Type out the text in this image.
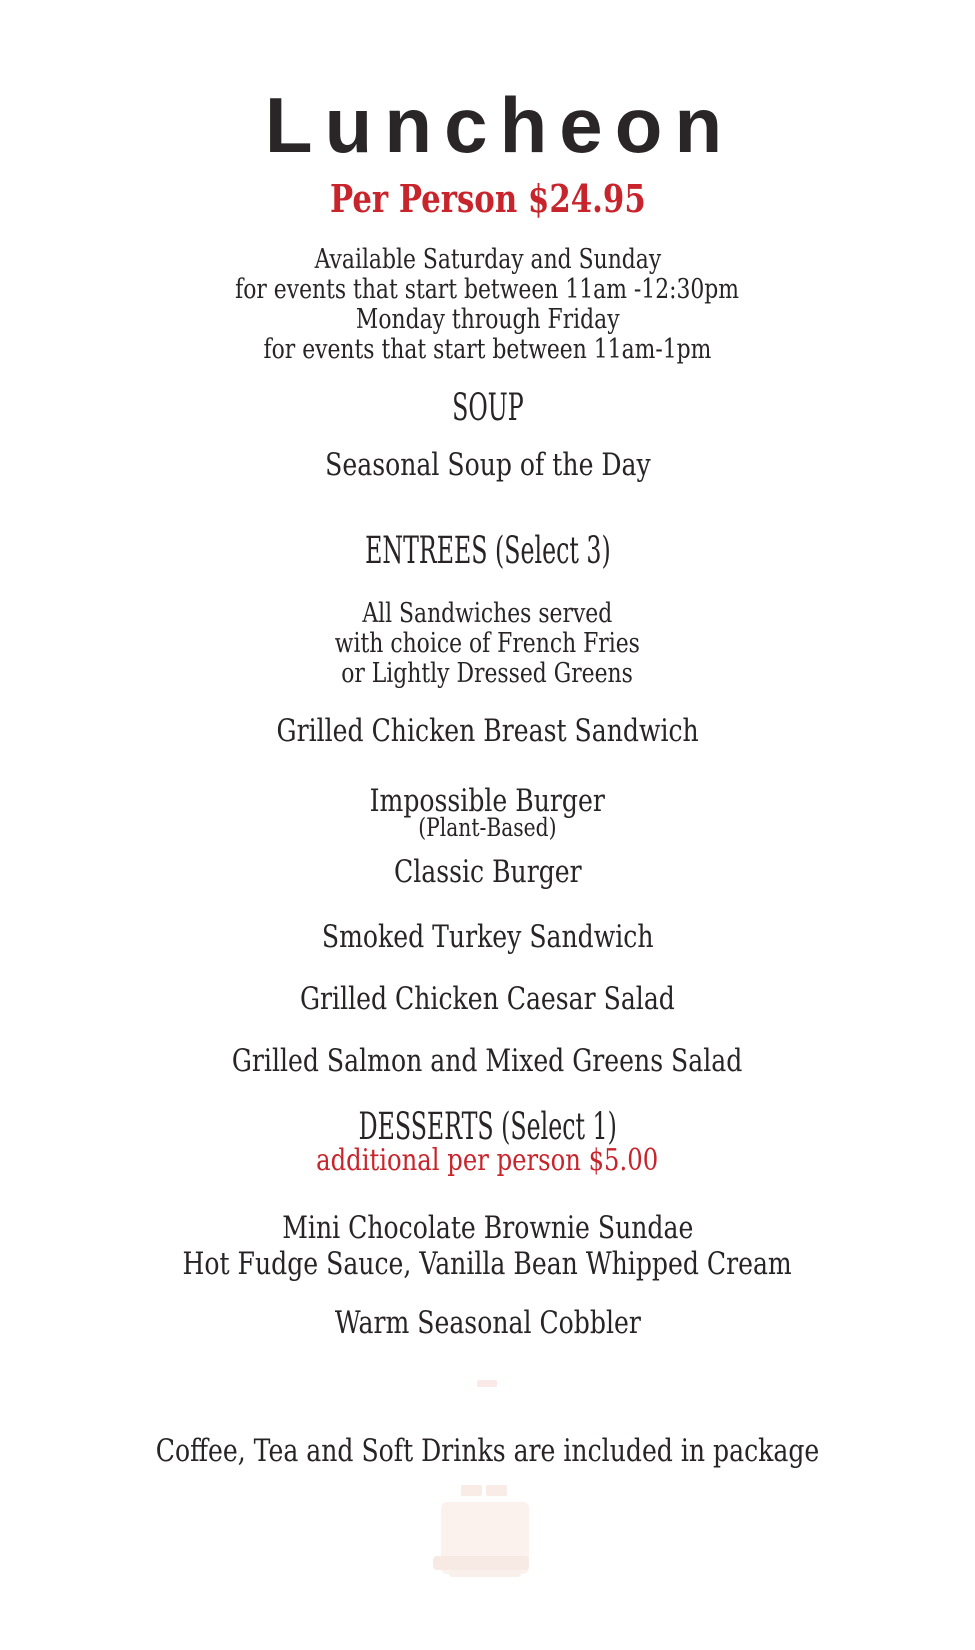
Luncheon
Per Person $24.95
Available Saturday and Sunday
for events that start between 11am -12:30pm
Monday through Friday
for events that start between 11am-1pm
SOUP
Seasonal Soup of the Day
ENTREES (Select 3)
All Sandwiches served
with choice of French Fries
or Lightly Dressed Greens
Grilled Chicken Breast Sandwich
Impossible Burger
(Plant-Based)
Classic Burger
Smoked Turkey Sandwich
Grilled Chicken Caesar Salad
Grilled Salmon and Mixed Greens Salad
DESSERTS (Select 1)
additional per person $5.00
Mini Chocolate Brownie Sundae
Hot Fudge Sauce, Vanilla Bean Whipped Cream
Warm Seasonal Cobbler
Coffee, Tea and Soft Drinks are included in package
